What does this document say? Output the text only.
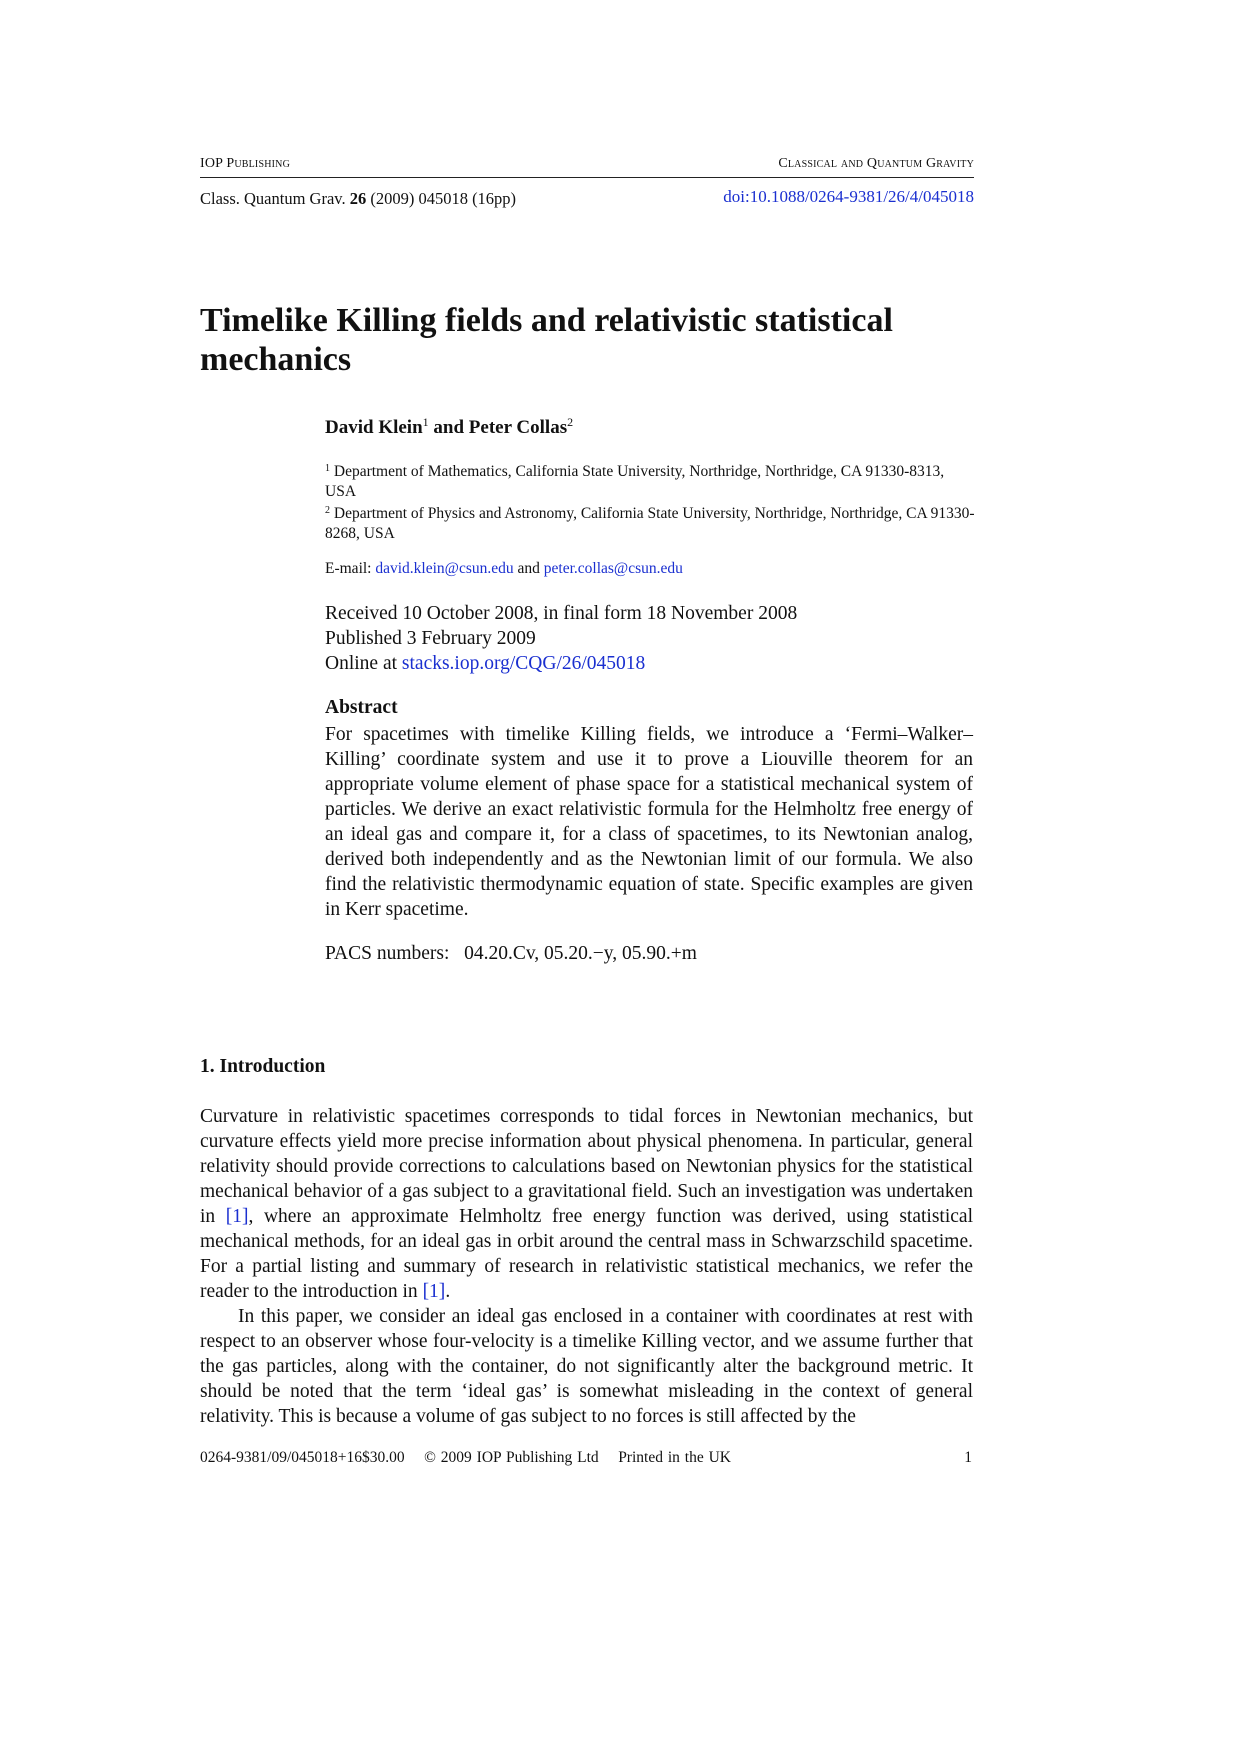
IOP Publishing	Classical and Quantum Gravity
Class. Quantum Grav. 26 (2009) 045018 (16pp)	doi:10.1088/0264-9381/26/4/045018
Timelike Killing fields and relativistic statistical mechanics
David Klein$^1$ and Peter Collas$^2$
$^1$ Department of Mathematics, California State University, Northridge, Northridge, CA 91330-8313, USA
$^2$ Department of Physics and Astronomy, California State University, Northridge, Northridge, CA 91330-8268, USA
E-mail: david.klein@csun.edu and peter.collas@csun.edu
Received 10 October 2008, in final form 18 November 2008
Published 3 February 2009
Online at stacks.iop.org/CQG/26/045018
Abstract
For spacetimes with timelike Killing fields, we introduce a ‘Fermi–Walker–Killing’ coordinate system and use it to prove a Liouville theorem for an appropriate volume element of phase space for a statistical mechanical system of particles. We derive an exact relativistic formula for the Helmholtz free energy of an ideal gas and compare it, for a class of spacetimes, to its Newtonian analog, derived both independently and as the Newtonian limit of our formula. We also find the relativistic thermodynamic equation of state. Specific examples are given in Kerr spacetime.
PACS numbers: 04.20.Cv, 05.20.−y, 05.90.+m
1. Introduction

Curvature in relativistic spacetimes corresponds to tidal forces in Newtonian mechanics, but curvature effects yield more precise information about physical phenomena. In particular, general relativity should provide corrections to calculations based on Newtonian physics for the statistical mechanical behavior of a gas subject to a gravitational field. Such an investigation was undertaken in [1], where an approximate Helmholtz free energy function was derived, using statistical mechanical methods, for an ideal gas in orbit around the central mass in Schwarzschild spacetime. For a partial listing and summary of research in relativistic statistical mechanics, we refer the reader to the introduction in [1].

In this paper, we consider an ideal gas enclosed in a container with coordinates at rest with respect to an observer whose four-velocity is a timelike Killing vector, and we assume further that the gas particles, along with the container, do not significantly alter the background metric. It should be noted that the term ‘ideal gas’ is somewhat misleading in the context of general relativity. This is because a volume of gas subject to no forces is still affected by the

0264-9381/09/045018+16$30.00 © 2009 IOP Publishing Ltd Printed in the UK	1
